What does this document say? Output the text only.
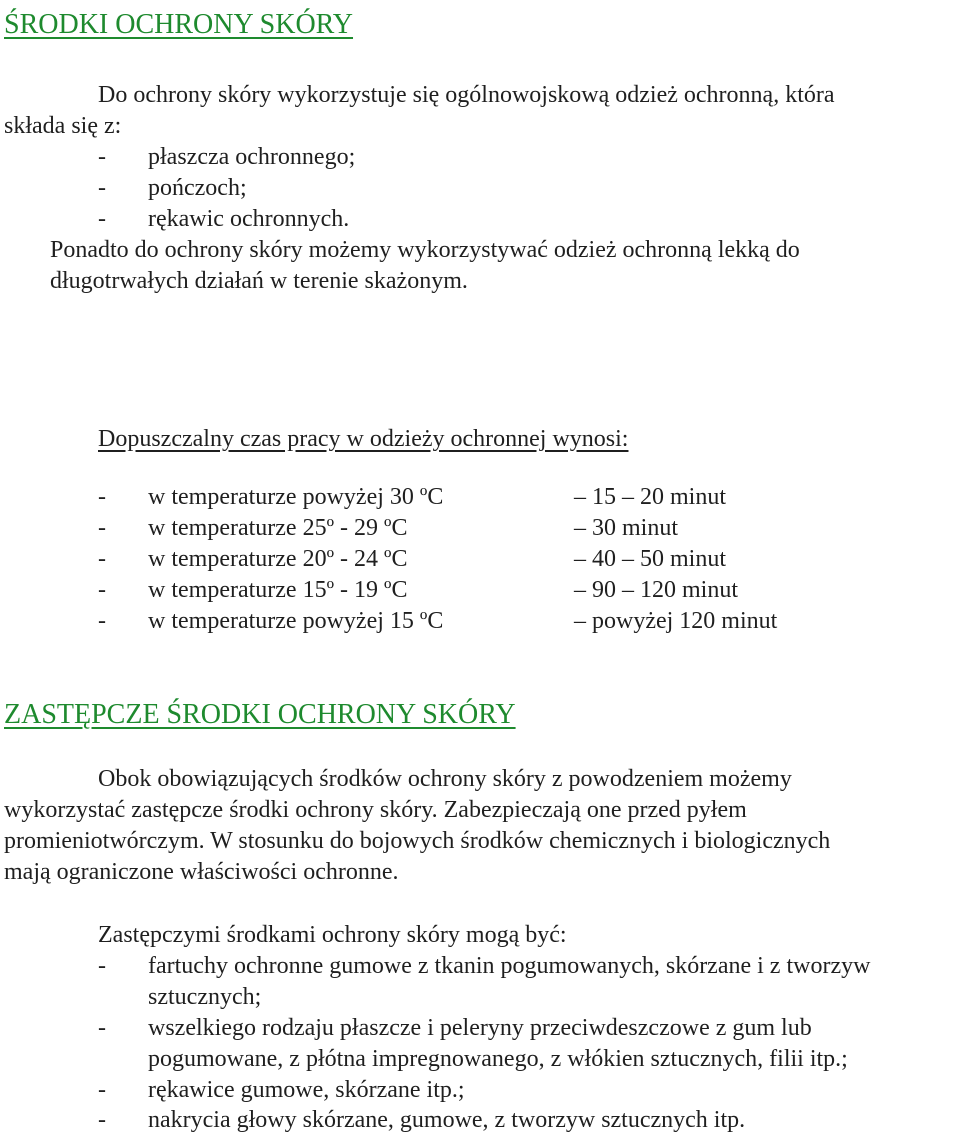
ŚRODKI OCHRONY SKÓRY

Do ochrony skóry wykorzystuje się ogólnowojskową odzież ochronną, która

składa się z:

- płaszcza ochronnego;
- pończoch;
- rękawic ochronnych.

Ponadto do ochrony skóry możemy wykorzystywać odzież ochronną lekką do

długotrwałych działań w terenie skażonym.

Dopuszczalny czas pracy w odzieży ochronnej wynosi:
- w temperaturze powyżej 30 ºC	– 15 – 20 minut
- w temperaturze 25º - 29 ºC	– 30 minut
- w temperaturze 20º - 24 ºC	– 40 – 50 minut
- w temperaturze 15º - 19 ºC	– 90 – 120 minut
- w temperaturze powyżej 15 ºC	– powyżej 120 minut
ZASTĘPCZE ŚRODKI OCHRONY SKÓRY

Obok obowiązujących środków ochrony skóry z powodzeniem możemy

wykorzystać zastępcze środki ochrony skóry. Zabezpieczają one przed pyłem

promieniotwórczym. W stosunku do bojowych środków chemicznych i biologicznych

mają ograniczone właściwości ochronne.

Zastępczymi środkami ochrony skóry mogą być:

- fartuchy ochronne gumowe z tkanin pogumowanych, skórzane i z tworzyw
sztucznych;
- wszelkiego rodzaju płaszcze i peleryny przeciwdeszczowe z gum lub
pogumowane, z płótna impregnowanego, z włókien sztucznych, filii itp.;
- rękawice gumowe, skórzane itp.;
- nakrycia głowy skórzane, gumowe, z tworzyw sztucznych itp.
